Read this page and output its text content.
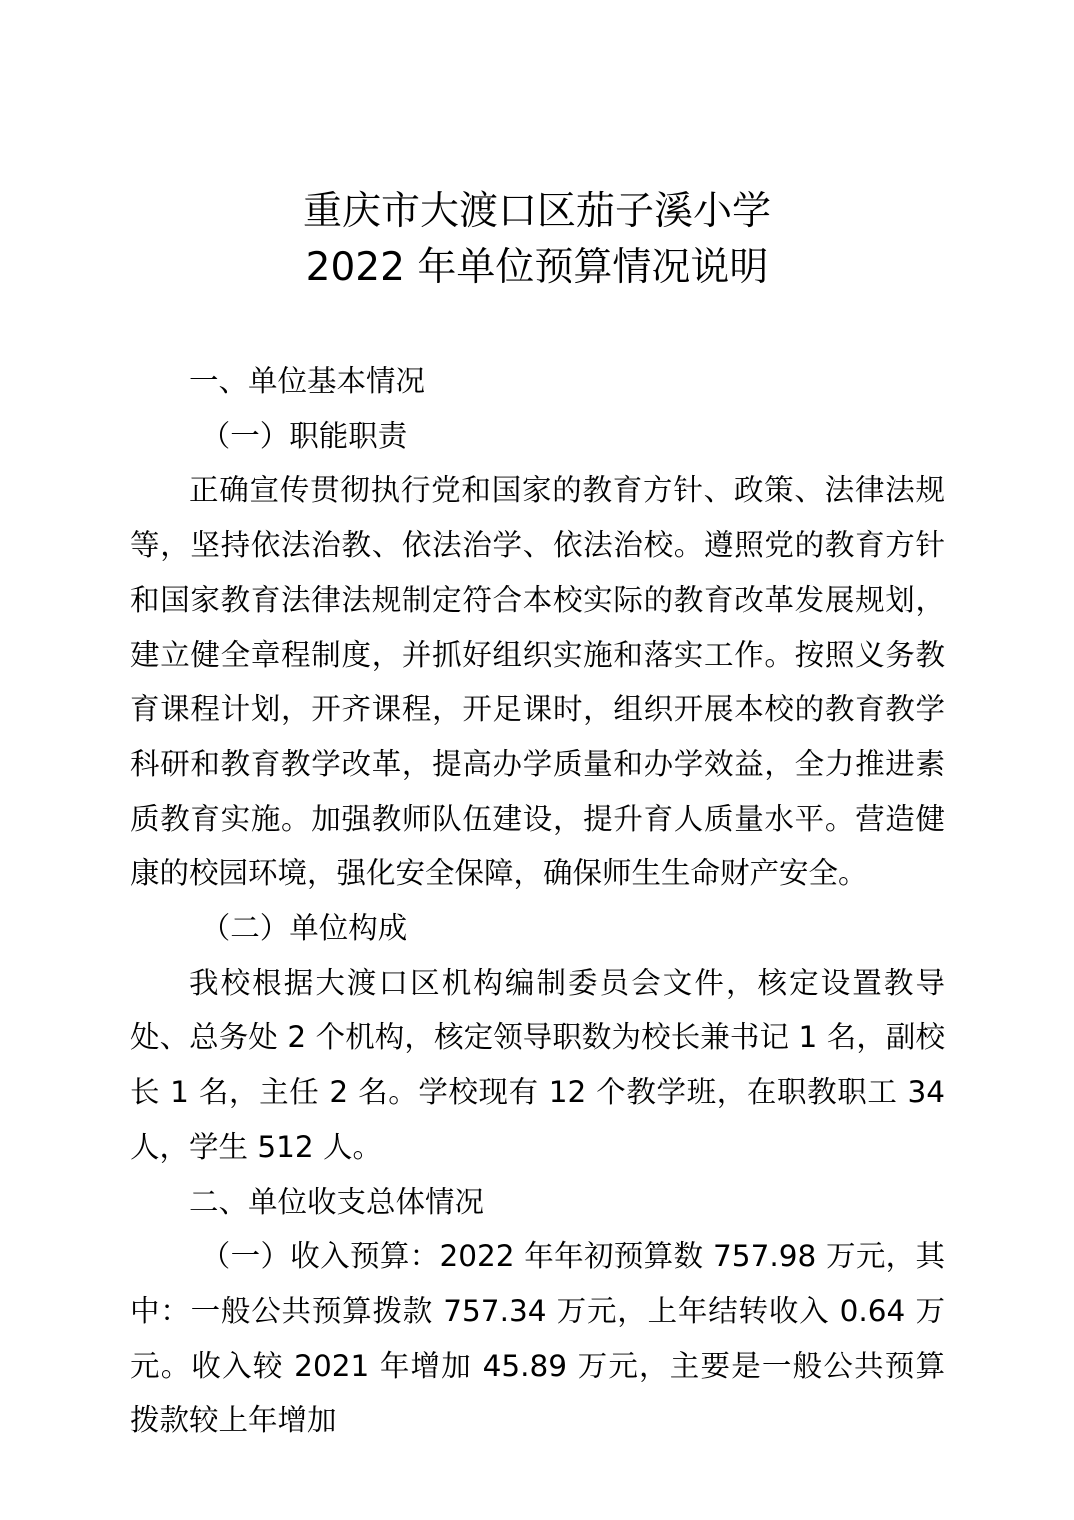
重庆市大渡口区茄子溪小学
2022 年单位预算情况说明

一、单位基本情况

（一）职能职责

正确宣传贯彻执行党和国家的教育方针、政策、法律法规等，坚持依法治教、依法治学、依法治校。遵照党的教育方针和国家教育法律法规制定符合本校实际的教育改革发展规划，建立健全章程制度，并抓好组织实施和落实工作。按照义务教育课程计划，开齐课程，开足课时，组织开展本校的教育教学科研和教育教学改革，提高办学质量和办学效益，全力推进素质教育实施。加强教师队伍建设，提升育人质量水平。营造健康的校园环境，强化安全保障，确保师生生命财产安全。

（二）单位构成

我校根据大渡口区机构编制委员会文件，核定设置教导处、总务处 2 个机构，核定领导职数为校长兼书记 1 名，副校长 1 名，主任 2 名。学校现有 12 个教学班，在职教职工 34 人，学生 512 人。

二、单位收支总体情况

（一）收入预算：2022 年年初预算数 757.98 万元，其中：一般公共预算拨款 757.34 万元，上年结转收入 0.64 万元。收入较 2021 年增加 45.89 万元，主要是一般公共预算拨款较上年增加
